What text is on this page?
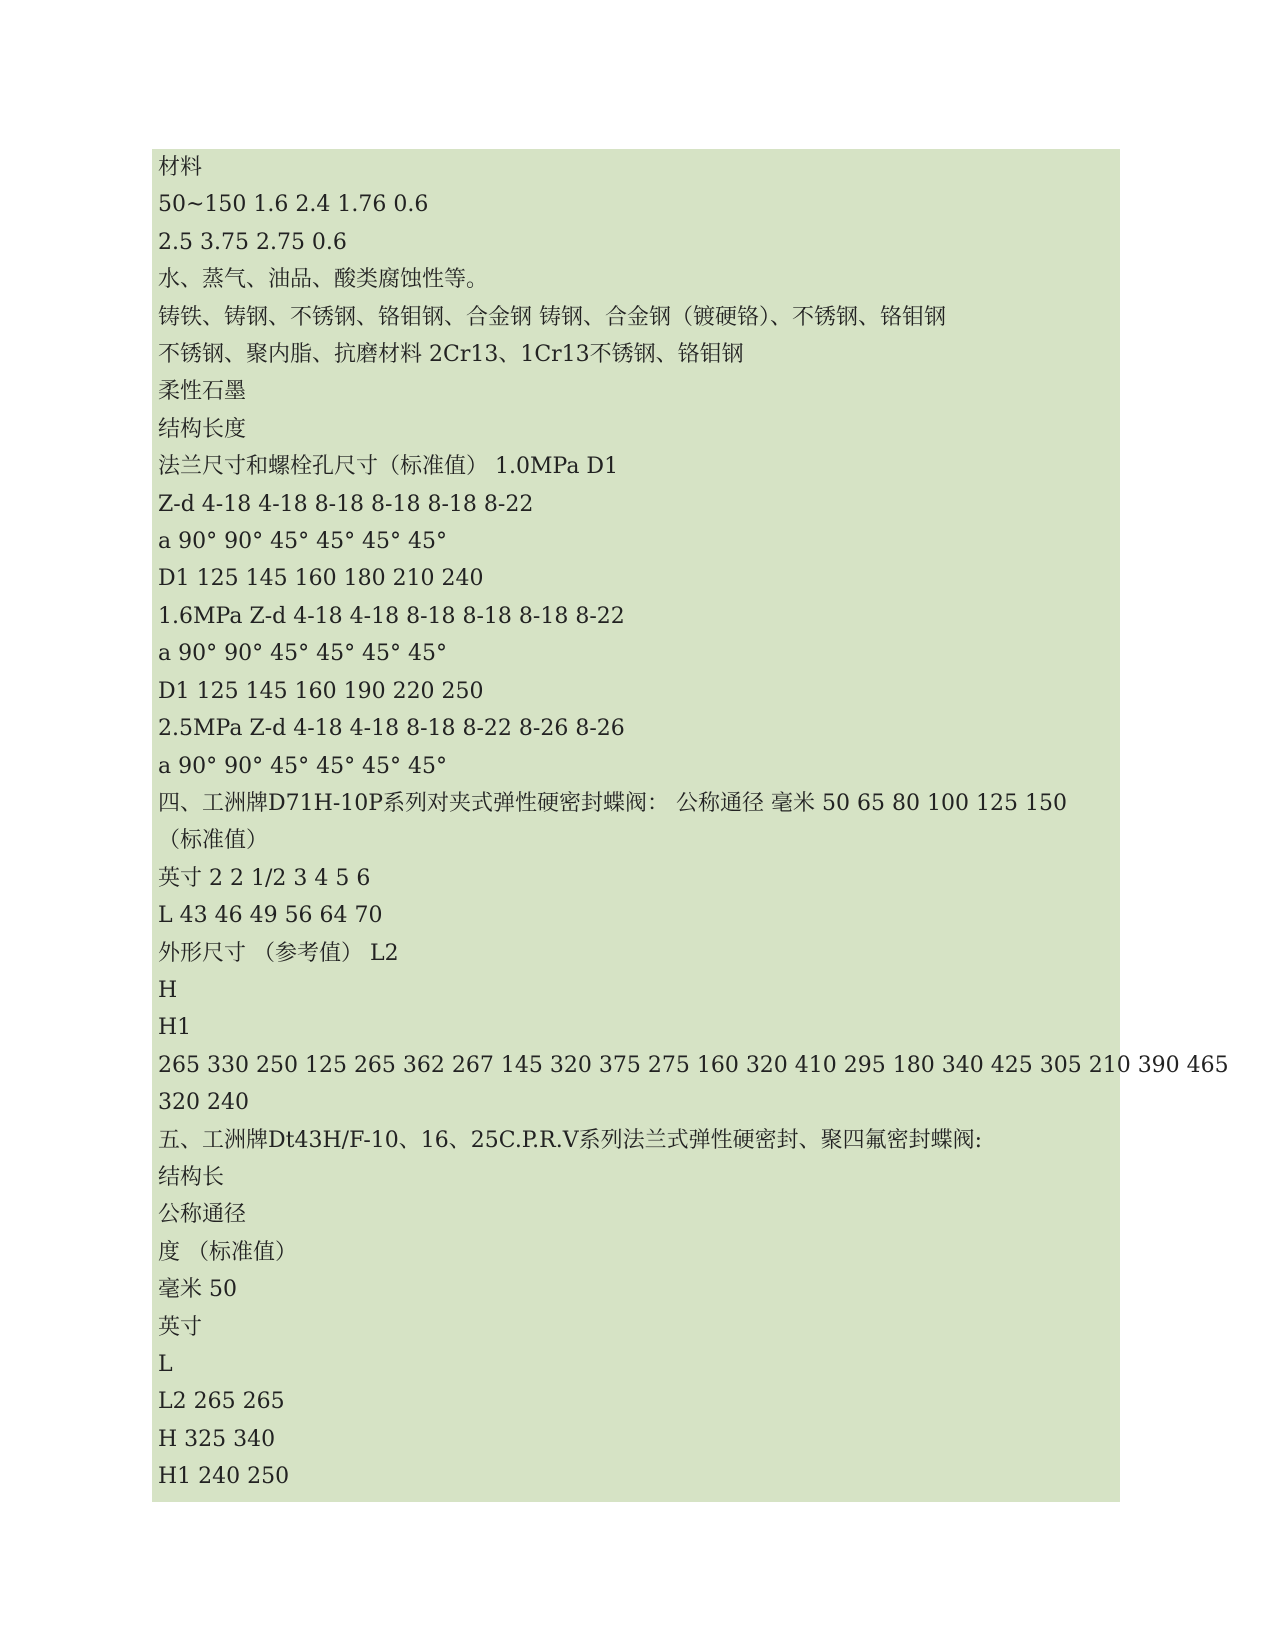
材料
50~150 1.6 2.4 1.76 0.6
2.5 3.75 2.75 0.6
水、蒸气、油品、酸类腐蚀性等。
铸铁、铸钢、不锈钢、铬钼钢、合金钢 铸钢、合金钢（镀硬铬）、不锈钢、铬钼钢
不锈钢、聚内脂、抗磨材料 2Cr13、1Cr13不锈钢、铬钼钢
柔性石墨
结构长度
法兰尺寸和螺栓孔尺寸（标准值） 1.0MPa D1
Z-d 4-18 4-18 8-18 8-18 8-18 8-22
a 90° 90° 45° 45° 45° 45°
D1 125 145 160 180 210 240
1.6MPa Z-d 4-18 4-18 8-18 8-18 8-18 8-22
a 90° 90° 45° 45° 45° 45°
D1 125 145 160 190 220 250
2.5MPa Z-d 4-18 4-18 8-18 8-22 8-26 8-26
a 90° 90° 45° 45° 45° 45°
四、工洲牌D71H-10P系列对夹式弹性硬密封蝶阀： 公称通径 毫米 50 65 80 100 125 150
（标准值）
英寸 2 2 1/2 3 4 5 6
L 43 46 49 56 64 70
外形尺寸 （参考值） L2
H
H1
265 330 250 125 265 362 267 145 320 375 275 160 320 410 295 180 340 425 305 210 390 465
320 240
五、工洲牌Dt43H/F-10、16、25C.P.R.V系列法兰式弹性硬密封、聚四氟密封蝶阀:
结构长
公称通径
度 （标准值）
毫米 50
英寸
L
L2 265 265
H 325 340
H1 240 250
